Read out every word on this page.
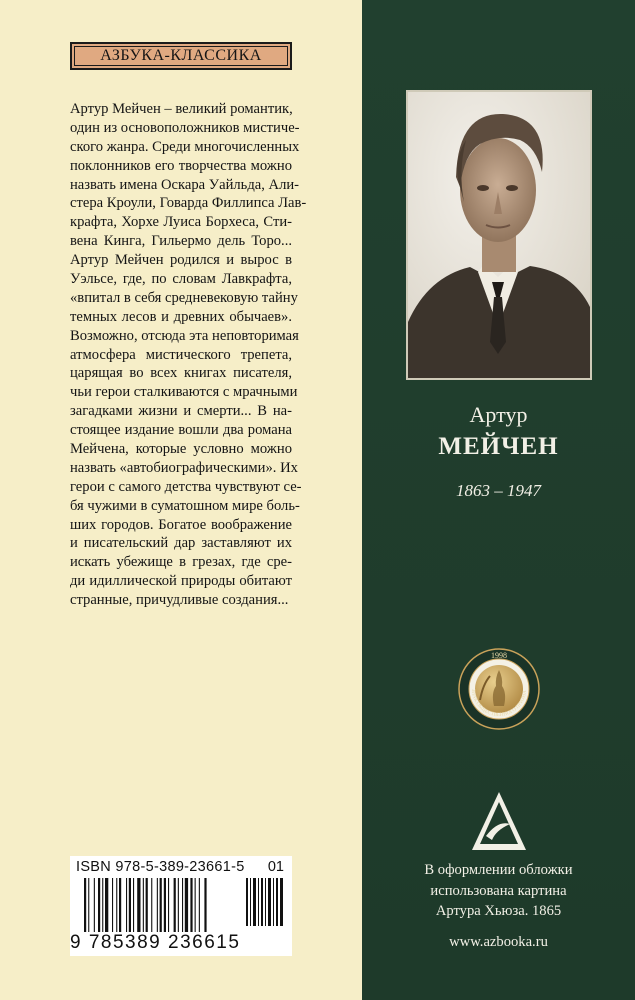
АЗБУКА-КЛАССИКА
Артур Мейчен – великий романтик,
один из основоположников мистиче-
ского жанра. Среди многочисленных
поклонников его творчества можно
назвать имена Оскара Уайльда, Али-
стера Кроули, Говарда Филлипса Лав-
крафта, Хорхе Луиса Борхеса, Сти-
вена Кинга, Гильермо дель Торо...
Артур Мейчен родился и вырос в
Уэльсе, где, по словам Лавкрафта,
«впитал в себя средневековую тайну
темных лесов и древних обычаев».
Возможно, отсюда эта неповторимая
атмосфера мистического трепета,
царящая во всех книгах писателя,
чьи герои сталкиваются с мрачными
загадками жизни и смерти... В на-
стоящее издание вошли два романа
Мейчена, которые условно можно
назвать «автобиографическими». Их
герои с самого детства чувствуют се-
бя чужими в суматошном мире боль-
ших городов. Богатое воображение
и писательский дар заставляют их
искать убежище в грезах, где сре-
ди идиллической природы обитают
странные, причудливые создания...
ISBN 978-5-389-23661-5 01
9 785389 236615
Артур
МЕЙЧЕН
1863 – 1947
1998
ЗНАК ОБЩЕСТВЕННОГО ПРИЗНА
В оформлении обложки
использована картина
Артура Хьюза. 1865
www.azbooka.ru
